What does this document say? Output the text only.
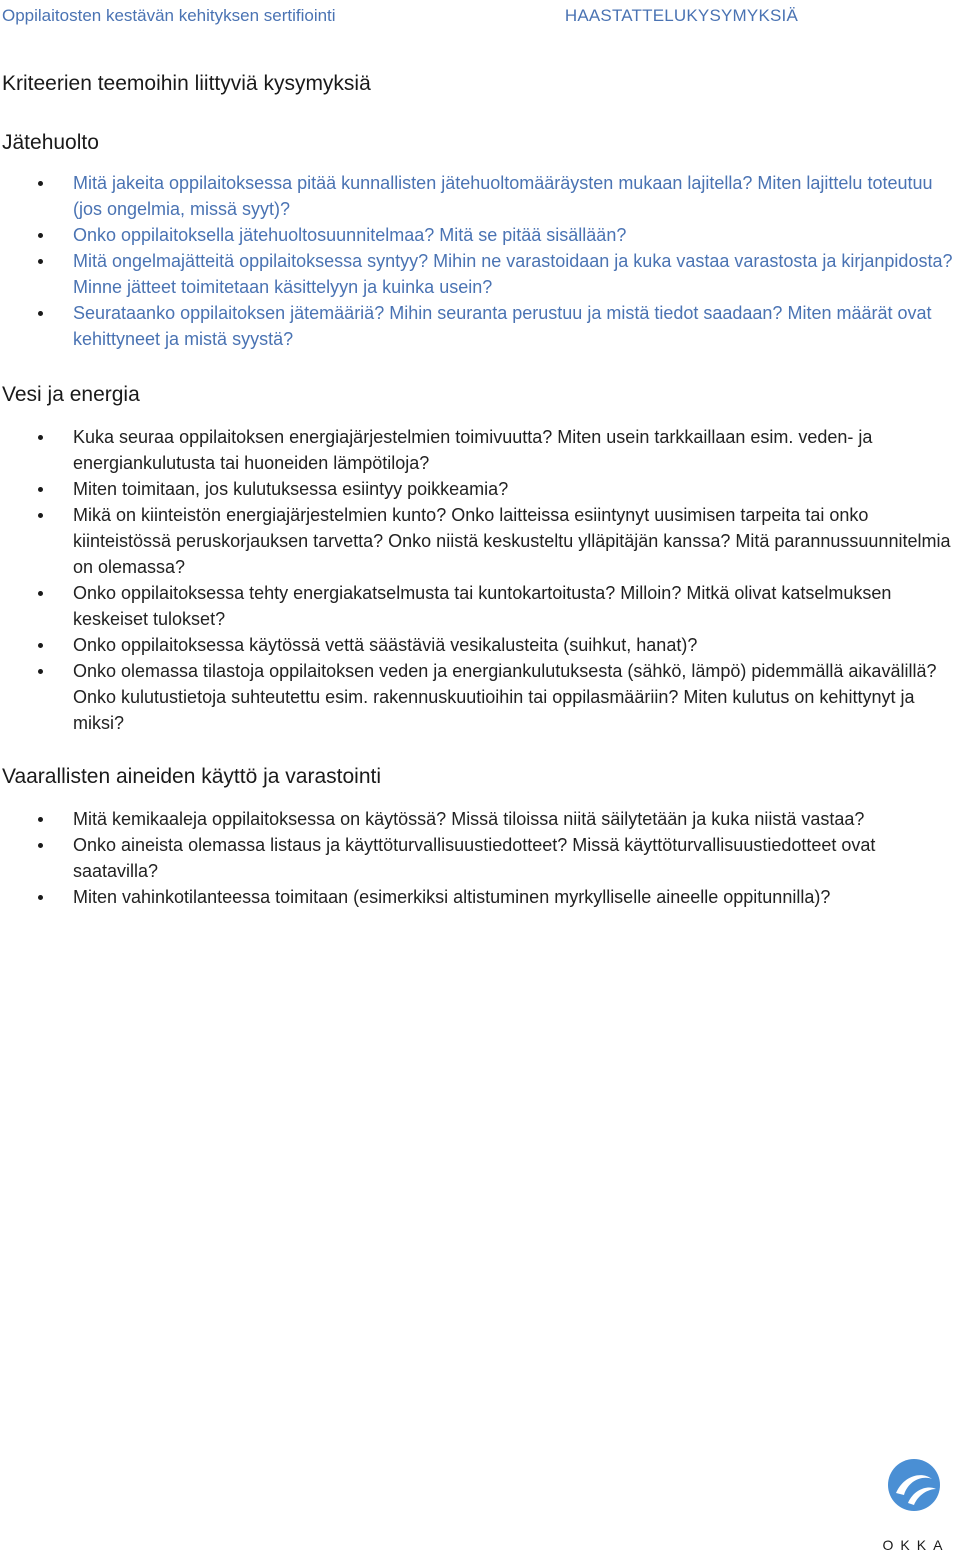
Oppilaitosten kestävän kehityksen sertifiointi	HAASTATTELUKYSYMYKSIÄ
Kriteerien teemoihin liittyviä kysymyksiä
Jätehuolto
Mitä jakeita oppilaitoksessa pitää kunnallisten jätehuoltomääräysten mukaan lajitella? Miten lajittelu toteutuu (jos ongelmia, missä syyt)?
Onko oppilaitoksella jätehuoltosuunnitelmaa? Mitä se pitää sisällään?
Mitä ongelmajätteitä oppilaitoksessa syntyy? Mihin ne varastoidaan ja kuka vastaa varastosta ja kirjanpidosta? Minne jätteet toimitetaan käsittelyyn ja kuinka usein?
Seurataanko oppilaitoksen jätemääriä? Mihin seuranta perustuu ja mistä tiedot saadaan? Miten määrät ovat kehittyneet ja mistä syystä?
Vesi ja energia
Kuka seuraa oppilaitoksen energiajärjestelmien toimivuutta? Miten usein tarkkaillaan esim. veden- ja energiankulutusta tai huoneiden lämpötiloja?
Miten toimitaan, jos kulutuksessa esiintyy poikkeamia?
Mikä on kiinteistön energiajärjestelmien kunto? Onko laitteissa esiintynyt uusimisen tarpeita tai onko kiinteistössä peruskorjauksen tarvetta? Onko niistä keskusteltu ylläpitäjän kanssa? Mitä parannussuunnitelmia on olemassa?
Onko oppilaitoksessa tehty energiakatselmusta tai kuntokartoitusta? Milloin? Mitkä olivat katselmuksen keskeiset tulokset?
Onko oppilaitoksessa käytössä vettä säästäviä vesikalusteita (suihkut, hanat)?
Onko olemassa tilastoja oppilaitoksen veden ja energiankulutuksesta (sähkö, lämpö) pidemmällä aikavälillä? Onko kulutustietoja suhteutettu esim. rakennuskuutioihin tai oppilasmääriin? Miten kulutus on kehittynyt ja miksi?
Vaarallisten aineiden käyttö ja varastointi
Mitä kemikaaleja oppilaitoksessa on käytössä? Missä tiloissa niitä säilytetään ja kuka niistä vastaa?
Onko aineista olemassa listaus ja käyttöturvallisuustiedotteet? Missä käyttöturvallisuustiedotteet ovat saatavilla?
Miten vahinkotilanteessa toimitaan (esimerkiksi altistuminen myrkylliselle aineelle oppitunnilla)?
OKKA
